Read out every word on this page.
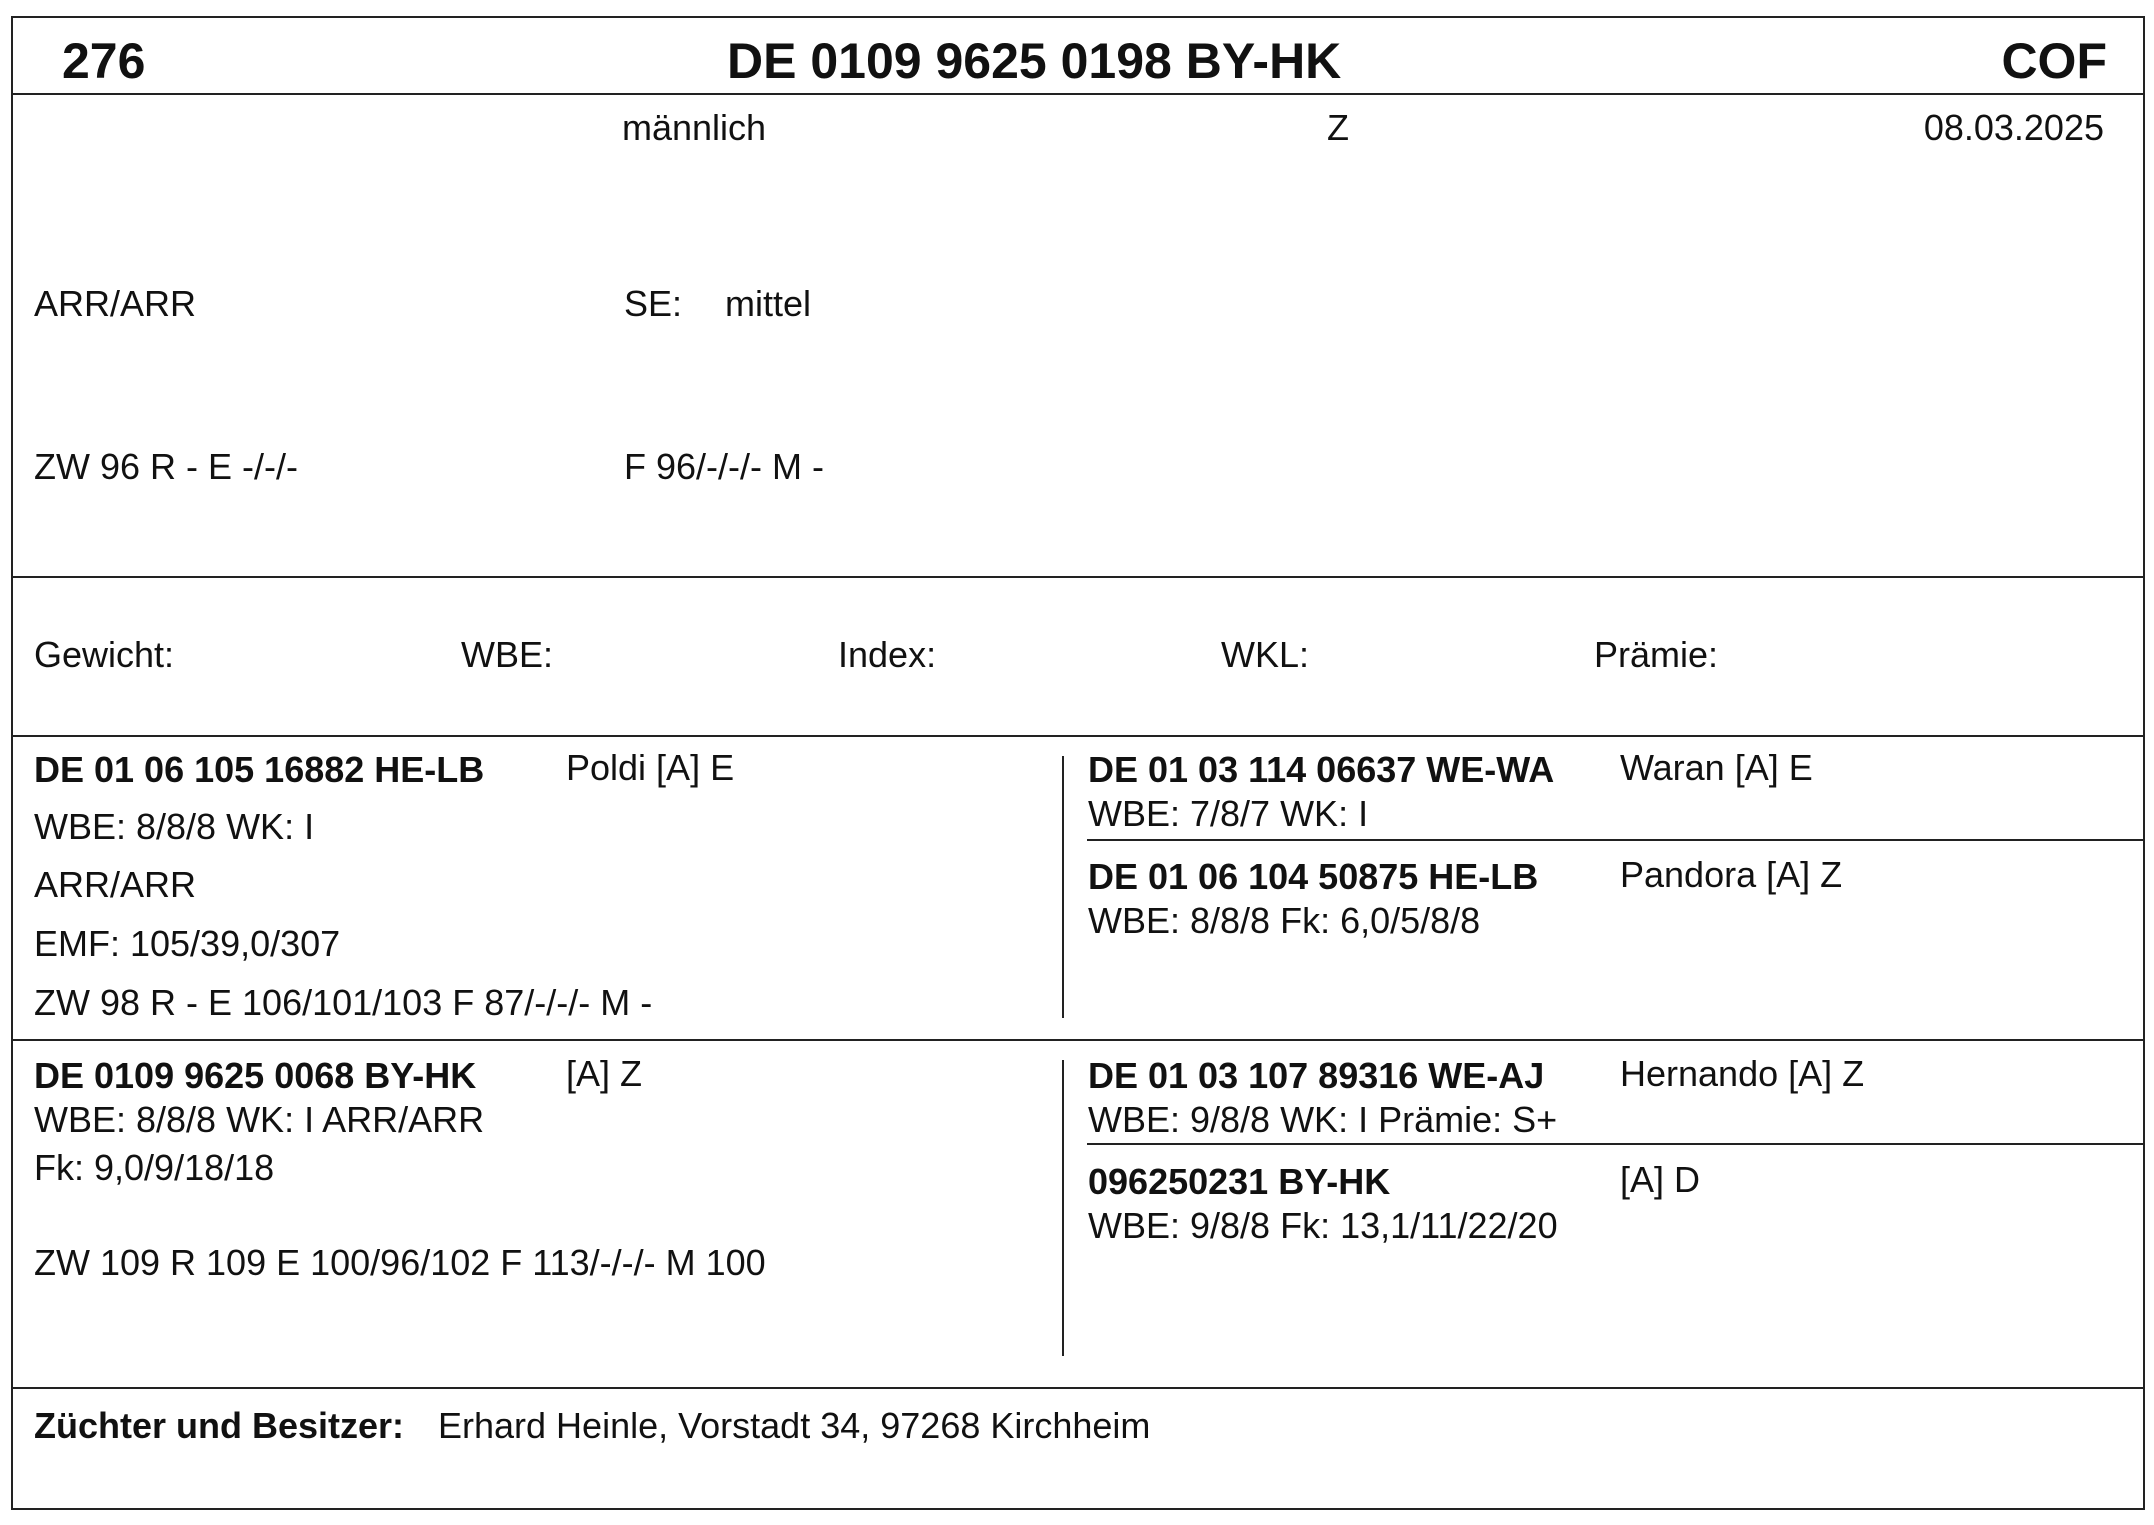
276	DE 0109 9625 0198 BY-HK	COF
männlich	Z	08.03.2025
ARR/ARR	SE: mittel
ZW 96 R - E -/-/-	F 96/-/-/- M -
Gewicht:	WBE:	Index:	WKL:	Prämie:
DE 01 06 105 16882 HE-LB Poldi [A] E
WBE: 8/8/8 WK: I
ARR/ARR
EMF: 105/39,0/307
ZW 98 R - E 106/101/103 F 87/-/-/- M -
DE 01 03 114 06637 WE-WA Waran [A] E
WBE: 7/8/7 WK: I
DE 01 06 104 50875 HE-LB Pandora [A] Z
WBE: 8/8/8 Fk: 6,0/5/8/8
DE 0109 9625 0068 BY-HK [A] Z
WBE: 8/8/8 WK: I ARR/ARR
Fk: 9,0/9/18/18
ZW 109 R 109 E 100/96/102 F 113/-/-/- M 100
DE 01 03 107 89316 WE-AJ Hernando [A] Z
WBE: 9/8/8 WK: I Prämie: S+
096250231 BY-HK	[A] D
WBE: 9/8/8 Fk: 13,1/11/22/20
Züchter und Besitzer: Erhard Heinle, Vorstadt 34, 97268 Kirchheim
